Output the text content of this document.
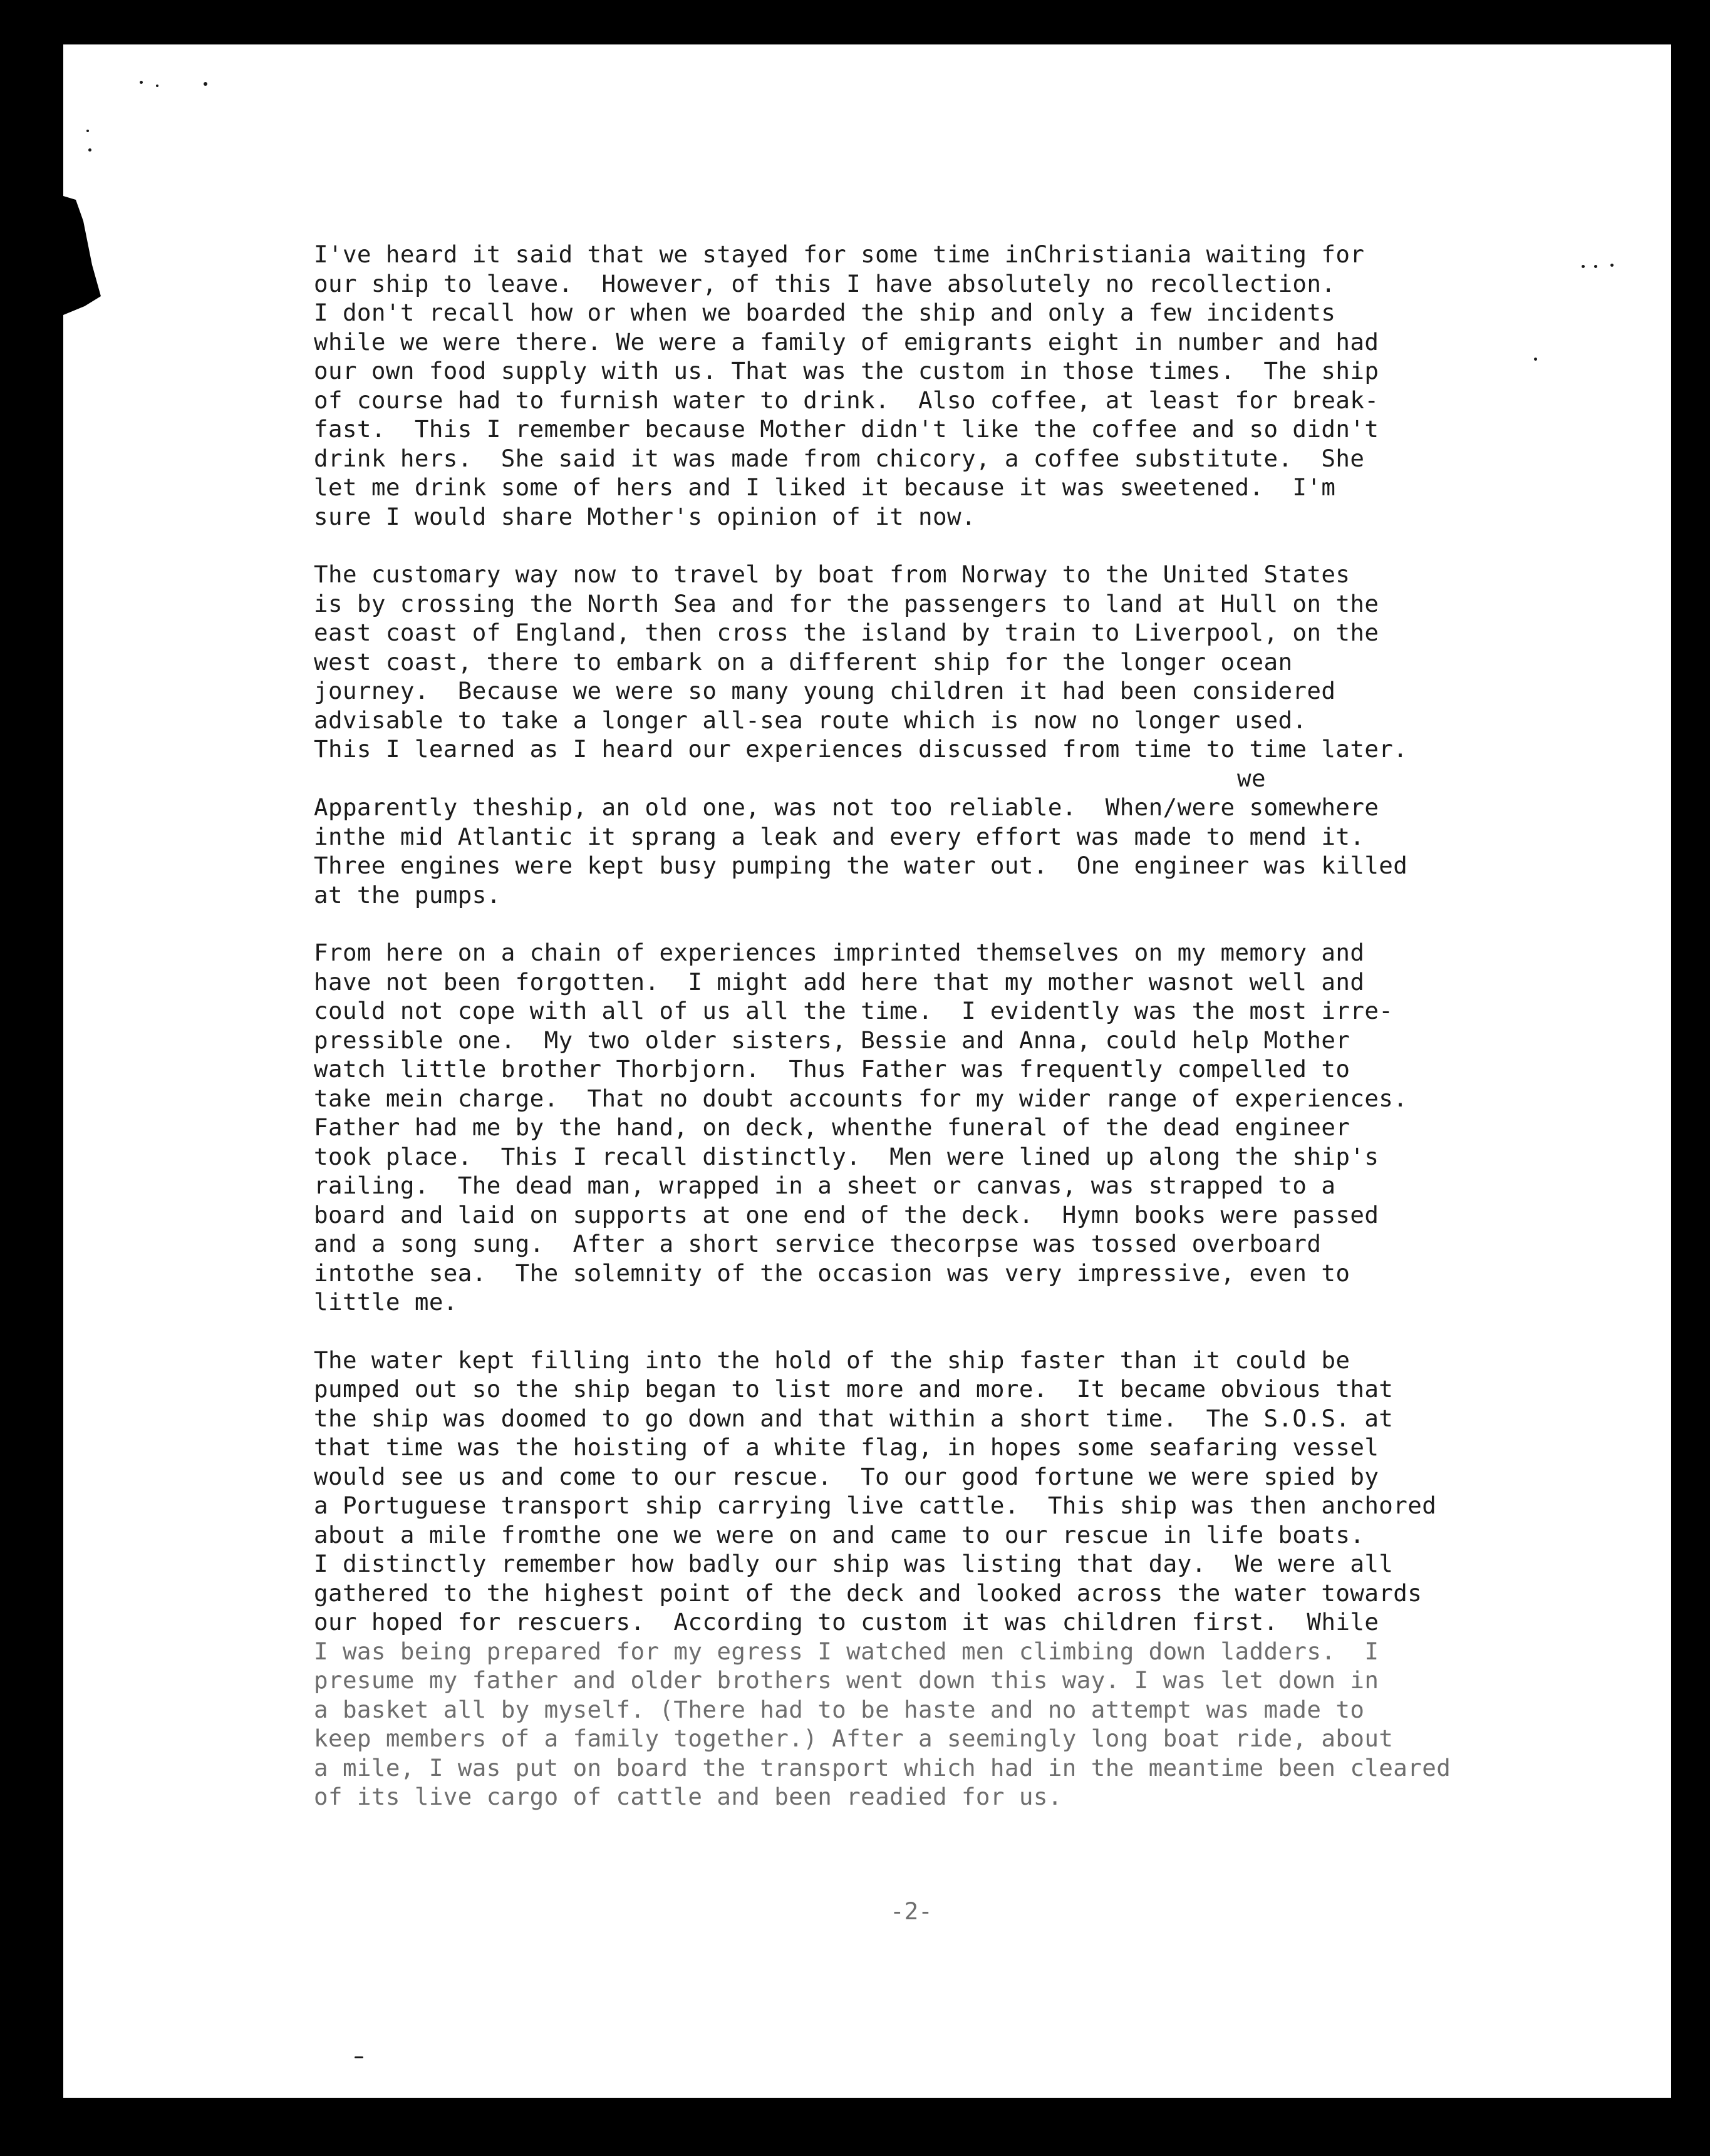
I've heard it said that we stayed for some time inChristiania waiting for
our ship to leave.  However, of this I have absolutely no recollection.
I don't recall how or when we boarded the ship and only a few incidents
while we were there. We were a family of emigrants eight in number and had
our own food supply with us. That was the custom in those times.  The ship
of course had to furnish water to drink.  Also coffee, at least for break-
fast.  This I remember because Mother didn't like the coffee and so didn't
drink hers.  She said it was made from chicory, a coffee substitute.  She
let me drink some of hers and I liked it because it was sweetened.  I'm
sure I would share Mother's opinion of it now.
The customary way now to travel by boat from Norway to the United States
is by crossing the North Sea and for the passengers to land at Hull on the
east coast of England, then cross the island by train to Liverpool, on the
west coast, there to embark on a different ship for the longer ocean
journey.  Because we were so many young children it had been considered
advisable to take a longer all-sea route which is now no longer used.
This I learned as I heard our experiences discussed from time to time later.
we
Apparently theship, an old one, was not too reliable.  When/were somewhere
inthe mid Atlantic it sprang a leak and every effort was made to mend it.
Three engines were kept busy pumping the water out.  One engineer was killed
at the pumps.
From here on a chain of experiences imprinted themselves on my memory and
have not been forgotten.  I might add here that my mother wasnot well and
could not cope with all of us all the time.  I evidently was the most irre-
pressible one.  My two older sisters, Bessie and Anna, could help Mother
watch little brother Thorbjorn.  Thus Father was frequently compelled to
take mein charge.  That no doubt accounts for my wider range of experiences.
Father had me by the hand, on deck, whenthe funeral of the dead engineer
took place.  This I recall distinctly.  Men were lined up along the ship's
railing.  The dead man, wrapped in a sheet or canvas, was strapped to a
board and laid on supports at one end of the deck.  Hymn books were passed
and a song sung.  After a short service thecorpse was tossed overboard
intothe sea.  The solemnity of the occasion was very impressive, even to
little me.
The water kept filling into the hold of the ship faster than it could be
pumped out so the ship began to list more and more.  It became obvious that
the ship was doomed to go down and that within a short time.  The S.O.S. at
that time was the hoisting of a white flag, in hopes some seafaring vessel
would see us and come to our rescue.  To our good fortune we were spied by
a Portuguese transport ship carrying live cattle.  This ship was then anchored
about a mile fromthe one we were on and came to our rescue in life boats.
I distinctly remember how badly our ship was listing that day.  We were all
gathered to the highest point of the deck and looked across the water towards
our hoped for rescuers.  According to custom it was children first.  While
I was being prepared for my egress I watched men climbing down ladders.  I
presume my father and older brothers went down this way. I was let down in
a basket all by myself. (There had to be haste and no attempt was made to
keep members of a family together.) After a seemingly long boat ride, about
a mile, I was put on board the transport which had in the meantime been cleared
of its live cargo of cattle and been readied for us.
-2-
